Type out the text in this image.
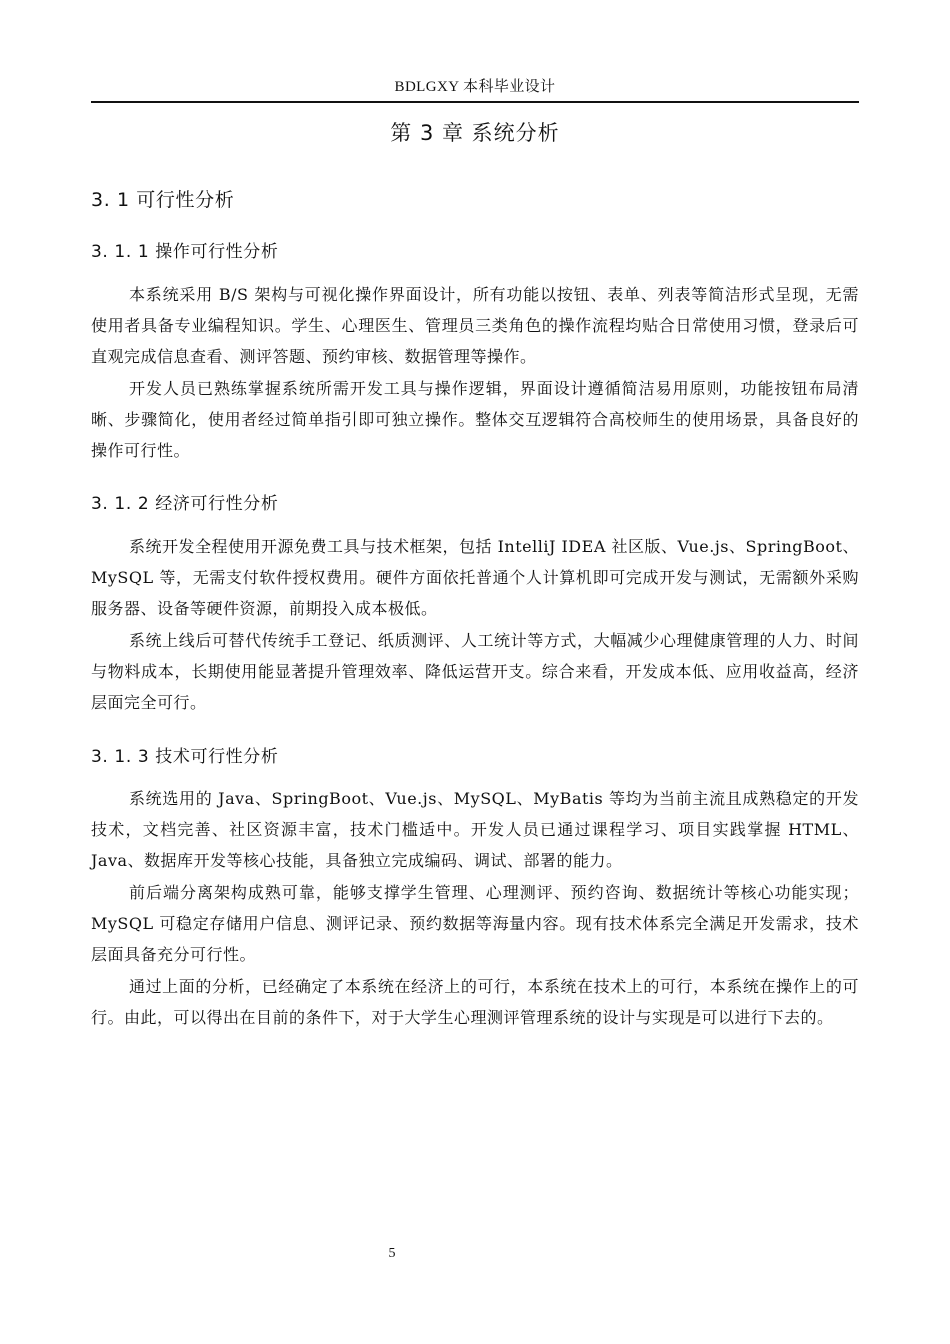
BDLGXY 本科毕业设计
第 3 章 系统分析
3. 1 可行性分析
3. 1. 1 操作可行性分析

本系统采用 B/S 架构与可视化操作界面设计，所有功能以按钮、表单、列表等简洁形式呈现，无需使用者具备专业编程知识。学生、心理医生、管理员三类角色的操作流程均贴合日常使用习惯，登录后可直观完成信息查看、测评答题、预约审核、数据管理等操作。

开发人员已熟练掌握系统所需开发工具与操作逻辑，界面设计遵循简洁易用原则，功能按钮布局清晰、步骤简化，使用者经过简单指引即可独立操作。整体交互逻辑符合高校师生的使用场景，具备良好的操作可行性。

3. 1. 2 经济可行性分析

系统开发全程使用开源免费工具与技术框架，包括 IntelliJ IDEA 社区版、Vue.js、SpringBoot、MySQL 等，无需支付软件授权费用。硬件方面依托普通个人计算机即可完成开发与测试，无需额外采购服务器、设备等硬件资源，前期投入成本极低。

系统上线后可替代传统手工登记、纸质测评、人工统计等方式，大幅减少心理健康管理的人力、时间与物料成本，长期使用能显著提升管理效率、降低运营开支。综合来看，开发成本低、应用收益高，经济层面完全可行。

3. 1. 3 技术可行性分析

系统选用的 Java、SpringBoot、Vue.js、MySQL、MyBatis 等均为当前主流且成熟稳定的开发技术，文档完善、社区资源丰富，技术门槛适中。开发人员已通过课程学习、项目实践掌握 HTML、Java、数据库开发等核心技能，具备独立完成编码、调试、部署的能力。

前后端分离架构成熟可靠，能够支撑学生管理、心理测评、预约咨询、数据统计等核心功能实现；MySQL 可稳定存储用户信息、测评记录、预约数据等海量内容。现有技术体系完全满足开发需求，技术层面具备充分可行性。

通过上面的分析，已经确定了本系统在经济上的可行，本系统在技术上的可行，本系统在操作上的可行。由此，可以得出在目前的条件下，对于大学生心理测评管理系统的设计与实现是可以进行下去的。

5
